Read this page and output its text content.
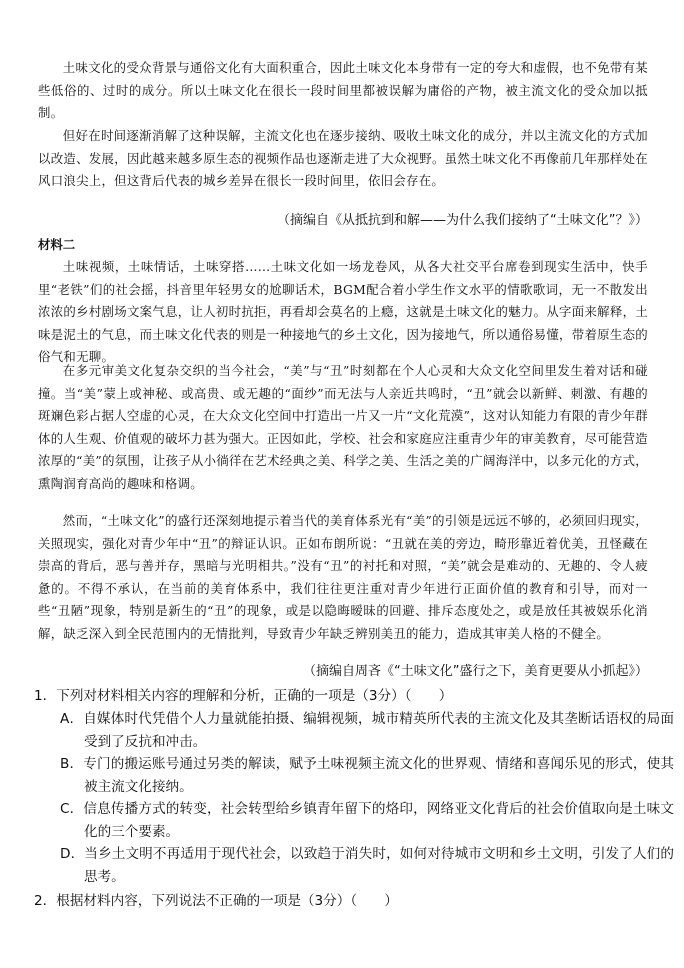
土味文化的受众背景与通俗文化有大面积重合，因此土味文化本身带有一定的夸大和虚假，也不免带有某些低俗的、过时的成分。所以土味文化在很长一段时间里都被误解为庸俗的产物，被主流文化的受众加以抵制。

但好在时间逐渐消解了这种误解，主流文化也在逐步接纳、吸收土味文化的成分，并以主流文化的方式加以改造、发展，因此越来越多原生态的视频作品也逐渐走进了大众视野。虽然土味文化不再像前几年那样处在风口浪尖上，但这背后代表的城乡差异在很长一段时间里，依旧会存在。

（摘编自《从抵抗到和解——为什么我们接纳了“土味文化”？》）

材料二

土味视频，土味情话，土味穿搭……土味文化如一场龙卷风，从各大社交平台席卷到现实生活中，快手里“老铁”们的社会摇，抖音里年轻男女的尬聊话术，BGM配合着小学生作文水平的情歌歌词，无一不散发出浓浓的乡村剧场文案气息，让人初时抗拒，再看却会莫名的上瘾，这就是土味文化的魅力。从字面来解释，土味是泥土的气息，而土味文化代表的则是一种接地气的乡土文化，因为接地气，所以通俗易懂，带着原生态的俗气和无聊。

在多元审美文化复杂交织的当今社会，“美”与“丑”时刻都在个人心灵和大众文化空间里发生着对话和碰撞。当“美”蒙上或神秘、或高贵、或无趣的“面纱”而无法与人亲近共鸣时，“丑”就会以新鲜、刺激、有趣的斑斓色彩占据人空虚的心灵，在大众文化空间中打造出一片又一片“文化荒漠”，这对认知能力有限的青少年群体的人生观、价值观的破坏力甚为强大。正因如此，学校、社会和家庭应注重青少年的审美教育，尽可能营造浓厚的“美”的氛围，让孩子从小徜徉在艺术经典之美、科学之美、生活之美的广阔海洋中，以多元化的方式，熏陶润育高尚的趣味和格调。

然而，“土味文化”的盛行还深刻地提示着当代的美育体系光有“美”的引领是远远不够的，必须回归现实，关照现实，强化对青少年中“丑”的辩证认识。正如布朗所说：“丑就在美的旁边，畸形靠近着优美，丑怪藏在崇高的背后，恶与善并存，黑暗与光明相共。”没有“丑”的衬托和对照，“美”就会是难动的、无趣的、令人疲惫的。不得不承认，在当前的美育体系中，我们往往更注重对青少年进行正面价值的教育和引导，而对一些“丑陋”现象，特别是新生的“丑”的现象，或是以隐晦暧昧的回避、排斥态度处之，或是放任其被娱乐化消解，缺乏深入到全民范围内的无情批判，导致青少年缺乏辨别美丑的能力，造成其审美人格的不健全。

（摘编自周吝《“土味文化”盛行之下，美育更要从小抓起》）

1．下列对材料相关内容的理解和分析，正确的一项是（3分）（　　）

A．自媒体时代凭借个人力量就能拍摄、编辑视频，城市精英所代表的主流文化及其垄断话语权的局面受到了反抗和冲击。

B．专门的搬运账号通过另类的解读，赋予土味视频主流文化的世界观、情绪和喜闻乐见的形式，使其被主流文化接纳。

C．信息传播方式的转变，社会转型给乡镇青年留下的烙印，网络亚文化背后的社会价值取向是土味文化的三个要素。

D．当乡土文明不再适用于现代社会，以致趋于消失时，如何对待城市文明和乡土文明，引发了人们的思考。

2．根据材料内容，下列说法不正确的一项是（3分）（　　）
